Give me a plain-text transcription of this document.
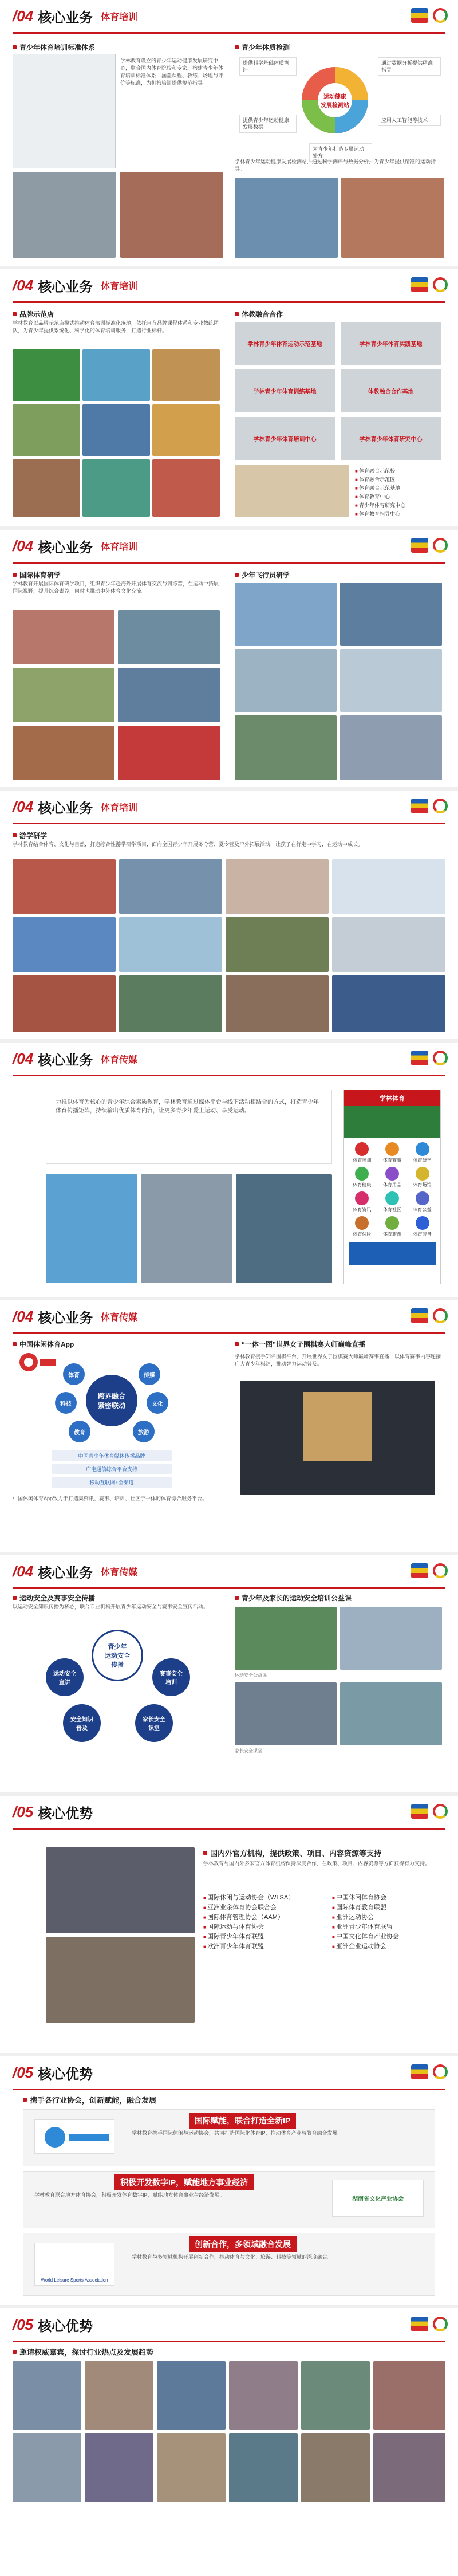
/04 核心业务 体育培训
青少年体育培训标准体系
学林教育设立的青少年运动健康发展研究中心，联合国内体育院校和专家，构建青少年体育培训标准体系，涵盖课程、教练、场地与评价等标准，为机构培训提供规范指导。
青少年体质检测
运动健康
发展检测站
提供科学基础体质测评
通过数据分析提供精准指导
提供青少年运动健康发展数据
应用人工智能等技术
为青少年打造专属运动处方
学林青少年运动健康发展检测站，通过科学测评与数据分析，为青少年提供精准的运动指导。
/04 核心业务 体育培训
品牌示范店
学林教育以品牌示范店模式推动体育培训标准化落地，依托自有品牌课程体系和专业教练团队，为青少年提供系统化、科学化的体育培训服务，打造行业标杆。
体教融合合作
学林青少年体育运动示范基地	学林青少年体育实践基地
学林青少年体育训练基地	体教融合合作基地
学林青少年体育培训中心	学林青少年体育研究中心
■ 体育融合示范校
■ 体育融合示范区
■ 体育融合示范基地
■ 体育教育中心
■ 青少年体育研究中心
■ 体育教育指导中心
/04 核心业务 体育培训
国际体育研学
学林教育开展国际体育研学项目，组织青少年赴海外开展体育交流与训练营，在运动中拓展国际视野，提升综合素养，同时也推动中外体育文化交流。
少年飞行员研学
/04 核心业务 体育培训
游学研学
学林教育结合体育、文化与自然，打造综合性游学研学项目，面向全国青少年开展冬令营、夏令营及户外拓展活动，让孩子在行走中学习，在运动中成长。
/04 核心业务 体育传媒
力推以体育为核心的青少年综合素质教育，学林教育通过媒体平台与线下活动相结合的方式，打造青少年体育传播矩阵，持续输出优质体育内容，让更多青少年爱上运动、享受运动。
学林体育
体育培训	体育赛事	体育研学
体育健康	体育用品	体育场馆
体育资讯	体育社区	体育公益
体育保险	体育旅游	体育装备
/04 核心业务 体育传媒
中国休闲体育App
跨界融合
紧密联动
体育	传媒
科技	文化
教育	旅游
中国青少年体育媒体传播品牌
广电通信综合平台支持
移动互联网+全渠道
中国休闲体育App致力于打造集资讯、赛事、培训、社区于一体的体育综合服务平台。
“一体一图”世界女子围棋赛大师巅峰直播
学林教育携手知名围棋平台，开展世界女子围棋赛大师巅峰赛事直播，以体育赛事内容连接广大青少年棋迷，推动智力运动普及。
/04 核心业务 体育传媒
运动安全及赛事安全传播
以运动安全知识传播为核心，联合专业机构开展青少年运动安全与赛事安全宣传活动。
青少年
运动安全
传播
运动安全
宣讲
赛事安全
培训
安全知识
普及
家长安全
课堂
青少年及家长的运动安全培训公益课
运动安全公益课
家长安全课堂
/05 核心优势
国内外官方机构，提供政策、项目、内容资源等支持
学林教育与国内外多家官方体育机构保持深度合作，在政策、项目、内容资源等方面获得有力支持。
■ 国际休闲与运动协会（WLSA）
■ 亚洲业余体育协会联合会
■ 国际体育管理协会（AAM）
■ 国际运动与体育协会
■ 国际青少年体育联盟
■ 欧洲青少年体育联盟
■ 中国休闲体育协会
■ 国际体育教育联盟
■ 亚洲运动协会
■ 亚洲青少年体育联盟
■ 中国文化体育产业协会
■ 亚洲企业运动协会
/05 核心优势
携手各行业协会，创新赋能，融合发展
国际赋能，联合打造全新IP
学林教育携手国际休闲与运动协会，共同打造国际化体育IP，推动体育产业与教育融合发展。
积极开发数字IP，赋能地方事业经济
学林教育联合地方体育协会，积极开发体育数字IP，赋能地方体育事业与经济发展。
湖南省文化产业协会
World Leisure Sports Association
创新合作，多领域融合发展
学林教育与多领域机构开展创新合作，推动体育与文化、旅游、科技等领域的深度融合。
/05 核心优势
邀请权威嘉宾，探讨行业热点及发展趋势
